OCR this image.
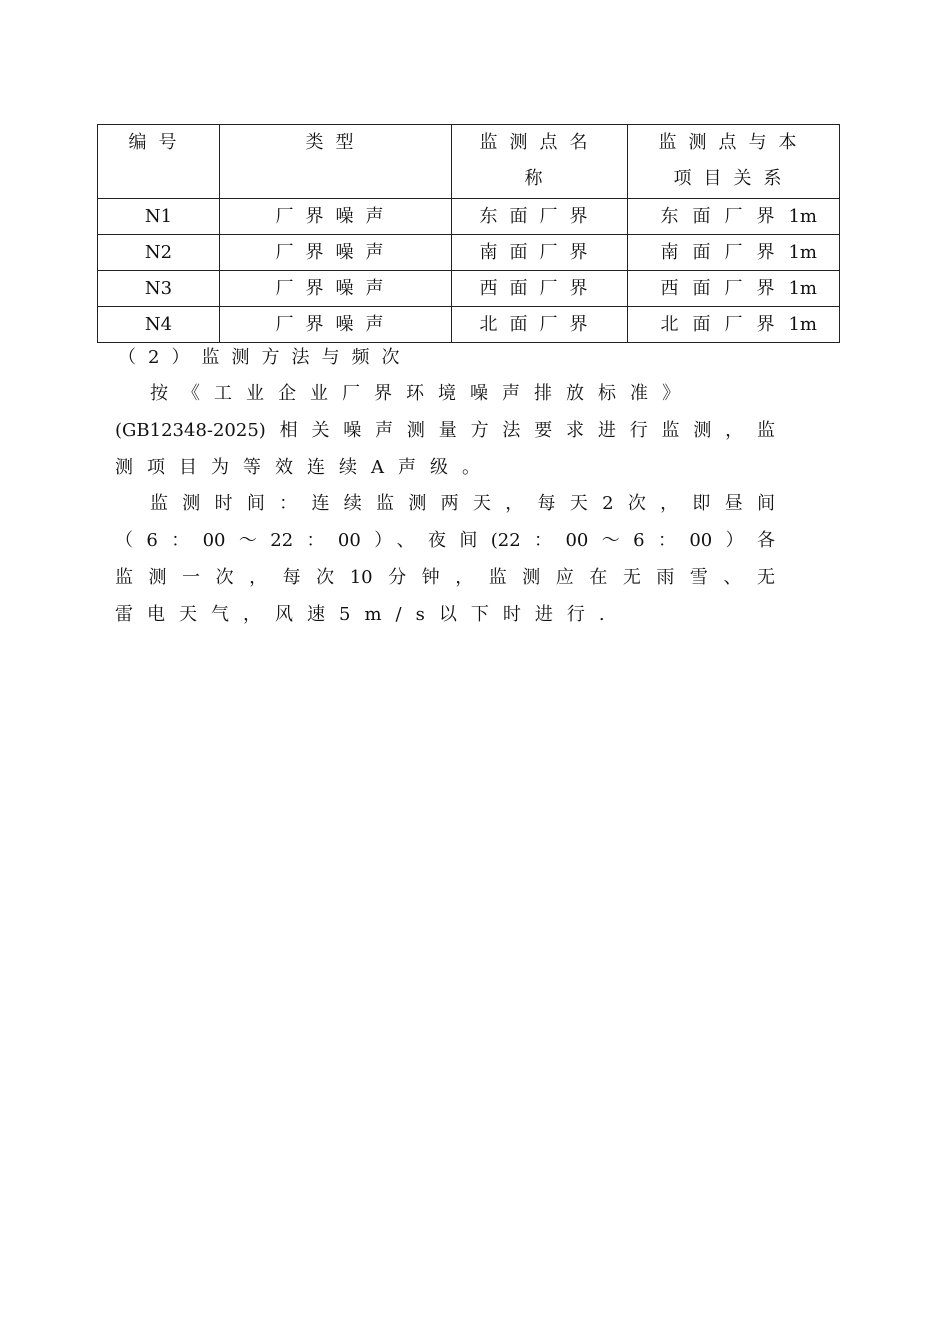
编号	类型	监测点名称	监测点与本项目关系

N1	厂界噪声	东面厂界	东面厂界1m
N2	厂界噪声	南面厂界	南面厂界1m
N3	厂界噪声	西面厂界	西面厂界1m
N4	厂界噪声	北面厂界	北面厂界1m
（2）监测方法与频次
按《工业企业厂界环境噪声排放标准》
(GB12348-2025)相关噪声测量方法要求进行监测，监
测项目为等效连续A声级。
监测时间：连续监测两天，每天2次，即昼间
（6：00～22：00）、夜间(22：00～6：00）各
监测一次，每次10分钟，监测应在无雨雪、无
雷电天气，风速5m/s以下时进行.
